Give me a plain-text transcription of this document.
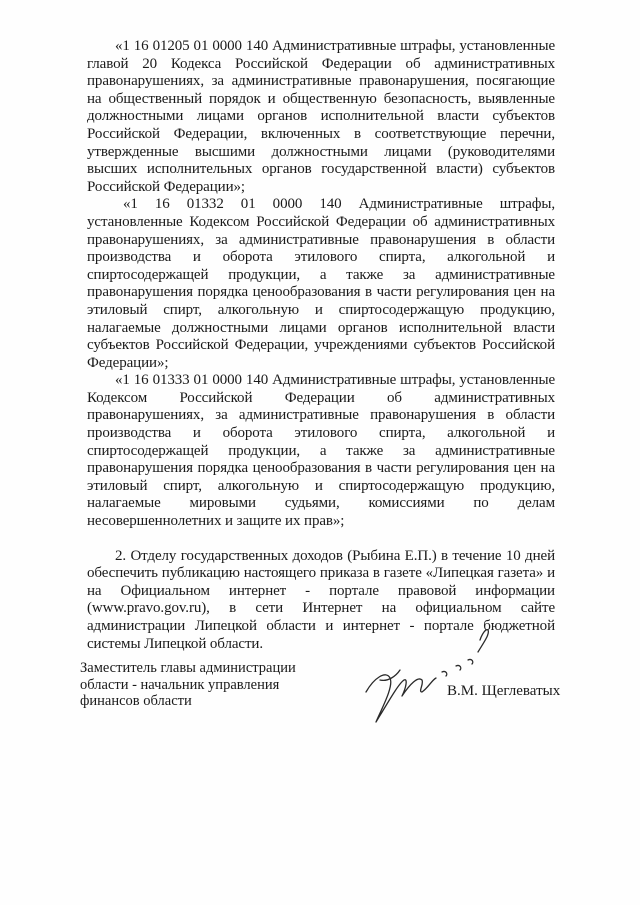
«1 16 01205 01 0000 140 Административные штрафы, установленные главой 20 Кодекса Российской Федерации об административных правонарушениях, за административные правонарушения, посягающие на общественный порядок и общественную безопасность, выявленные должностными лицами органов исполнительной власти субъектов Российской Федерации, включенных в соответствующие перечни, утвержденные высшими должностными лицами (руководителями высших исполнительных органов государственной власти) субъектов Российской Федерации»;

«1 16 01332 01 0000 140 Административные штрафы, установленные Кодексом Российской Федерации об административных правонарушениях, за административные правонарушения в области производства и оборота этилового спирта, алкогольной и спиртосодержащей продукции, а также за административные правонарушения порядка ценообразования в части регулирования цен на этиловый спирт, алкогольную и спиртосодержащую продукцию, налагаемые должностными лицами органов исполнительной власти субъектов Российской Федерации, учреждениями субъектов Российской Федерации»;

«1 16 01333 01 0000 140 Административные штрафы, установленные Кодексом Российской Федерации об административных правонарушениях, за административные правонарушения в области производства и оборота этилового спирта, алкогольной и спиртосодержащей продукции, а также за административные правонарушения порядка ценообразования в части регулирования цен на этиловый спирт, алкогольную и спиртосодержащую продукцию, налагаемые мировыми судьями, комиссиями по делам несовершеннолетних и защите их прав»;

2. Отделу государственных доходов (Рыбина Е.П.) в течение 10 дней обеспечить публикацию настоящего приказа в газете «Липецкая газета» и на Официальном интернет - портале правовой информации (www.pravo.gov.ru), в сети Интернет на официальном сайте администрации Липецкой области и интернет - портале бюджетной системы Липецкой области.

Заместитель главы администрации
области - начальник управления
финансов области
В.М. Щеглеватых
